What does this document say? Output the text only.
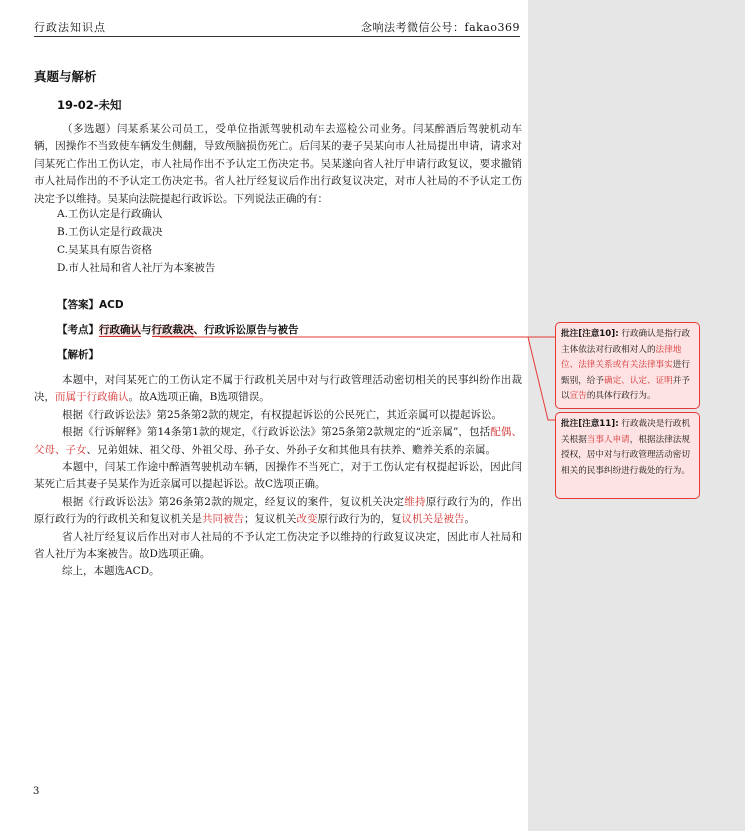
行政法知识点	念响法考微信公号：fakao369
真题与解析
19-02-未知
（多选题）闫某系某公司员工，受单位指派驾驶机动车去巡检公司业务。闫某醉酒后驾驶机动车辆，因操作不当致使车辆发生侧翻，导致颅脑损伤死亡。后闫某的妻子吴某向市人社局提出申请，请求对闫某死亡作出工伤认定，市人社局作出不予认定工伤决定书。吴某遂向省人社厅申请行政复议，要求撤销市人社局作出的不予认定工伤决定书。省人社厅经复议后作出行政复议决定，对市人社局的不予认定工伤决定予以维持。吴某向法院提起行政诉讼。下列说法正确的有：
A.工伤认定是行政确认
B.工伤认定是行政裁决
C.吴某具有原告资格
D.市人社局和省人社厅为本案被告
【答案】ACD
【考点】行政确认与行政裁决、行政诉讼原告与被告
【解析】

本题中，对闫某死亡的工伤认定不属于行政机关居中对与行政管理活动密切相关的民事纠纷作出裁决，而属于行政确认。故A选项正确，B选项错误。

根据《行政诉讼法》第25条第2款的规定，有权提起诉讼的公民死亡，其近亲属可以提起诉讼。

根据《行诉解释》第14条第1款的规定，《行政诉讼法》第25条第2款规定的“近亲属”，包括配偶、父母、子女、兄弟姐妹、祖父母、外祖父母、孙子女、外孙子女和其他具有扶养、赡养关系的亲属。

本题中，闫某工作途中醉酒驾驶机动车辆，因操作不当死亡，对于工伤认定有权提起诉讼，因此闫某死亡后其妻子吴某作为近亲属可以提起诉讼。故C选项正确。

根据《行政诉讼法》第26条第2款的规定，经复议的案件，复议机关决定维持原行政行为的，作出原行政行为的行政机关和复议机关是共同被告；复议机关改变原行政行为的，复议机关是被告。

省人社厅经复议后作出对市人社局的不予认定工伤决定予以维持的行政复议决定，因此市人社局和省人社厅为本案被告。故D选项正确。

综上，本题选ACD。

3
批注[注意10]: 行政确认是指行政主体依法对行政相对人的法律地位、法律关系或有关法律事实进行甄别，给予确定、认定、证明并予以宣告的具体行政行为。
批注[注意11]: 行政裁决是行政机关根据当事人申请，根据法律法规授权，居中对与行政管理活动密切相关的民事纠纷进行裁处的行为。
